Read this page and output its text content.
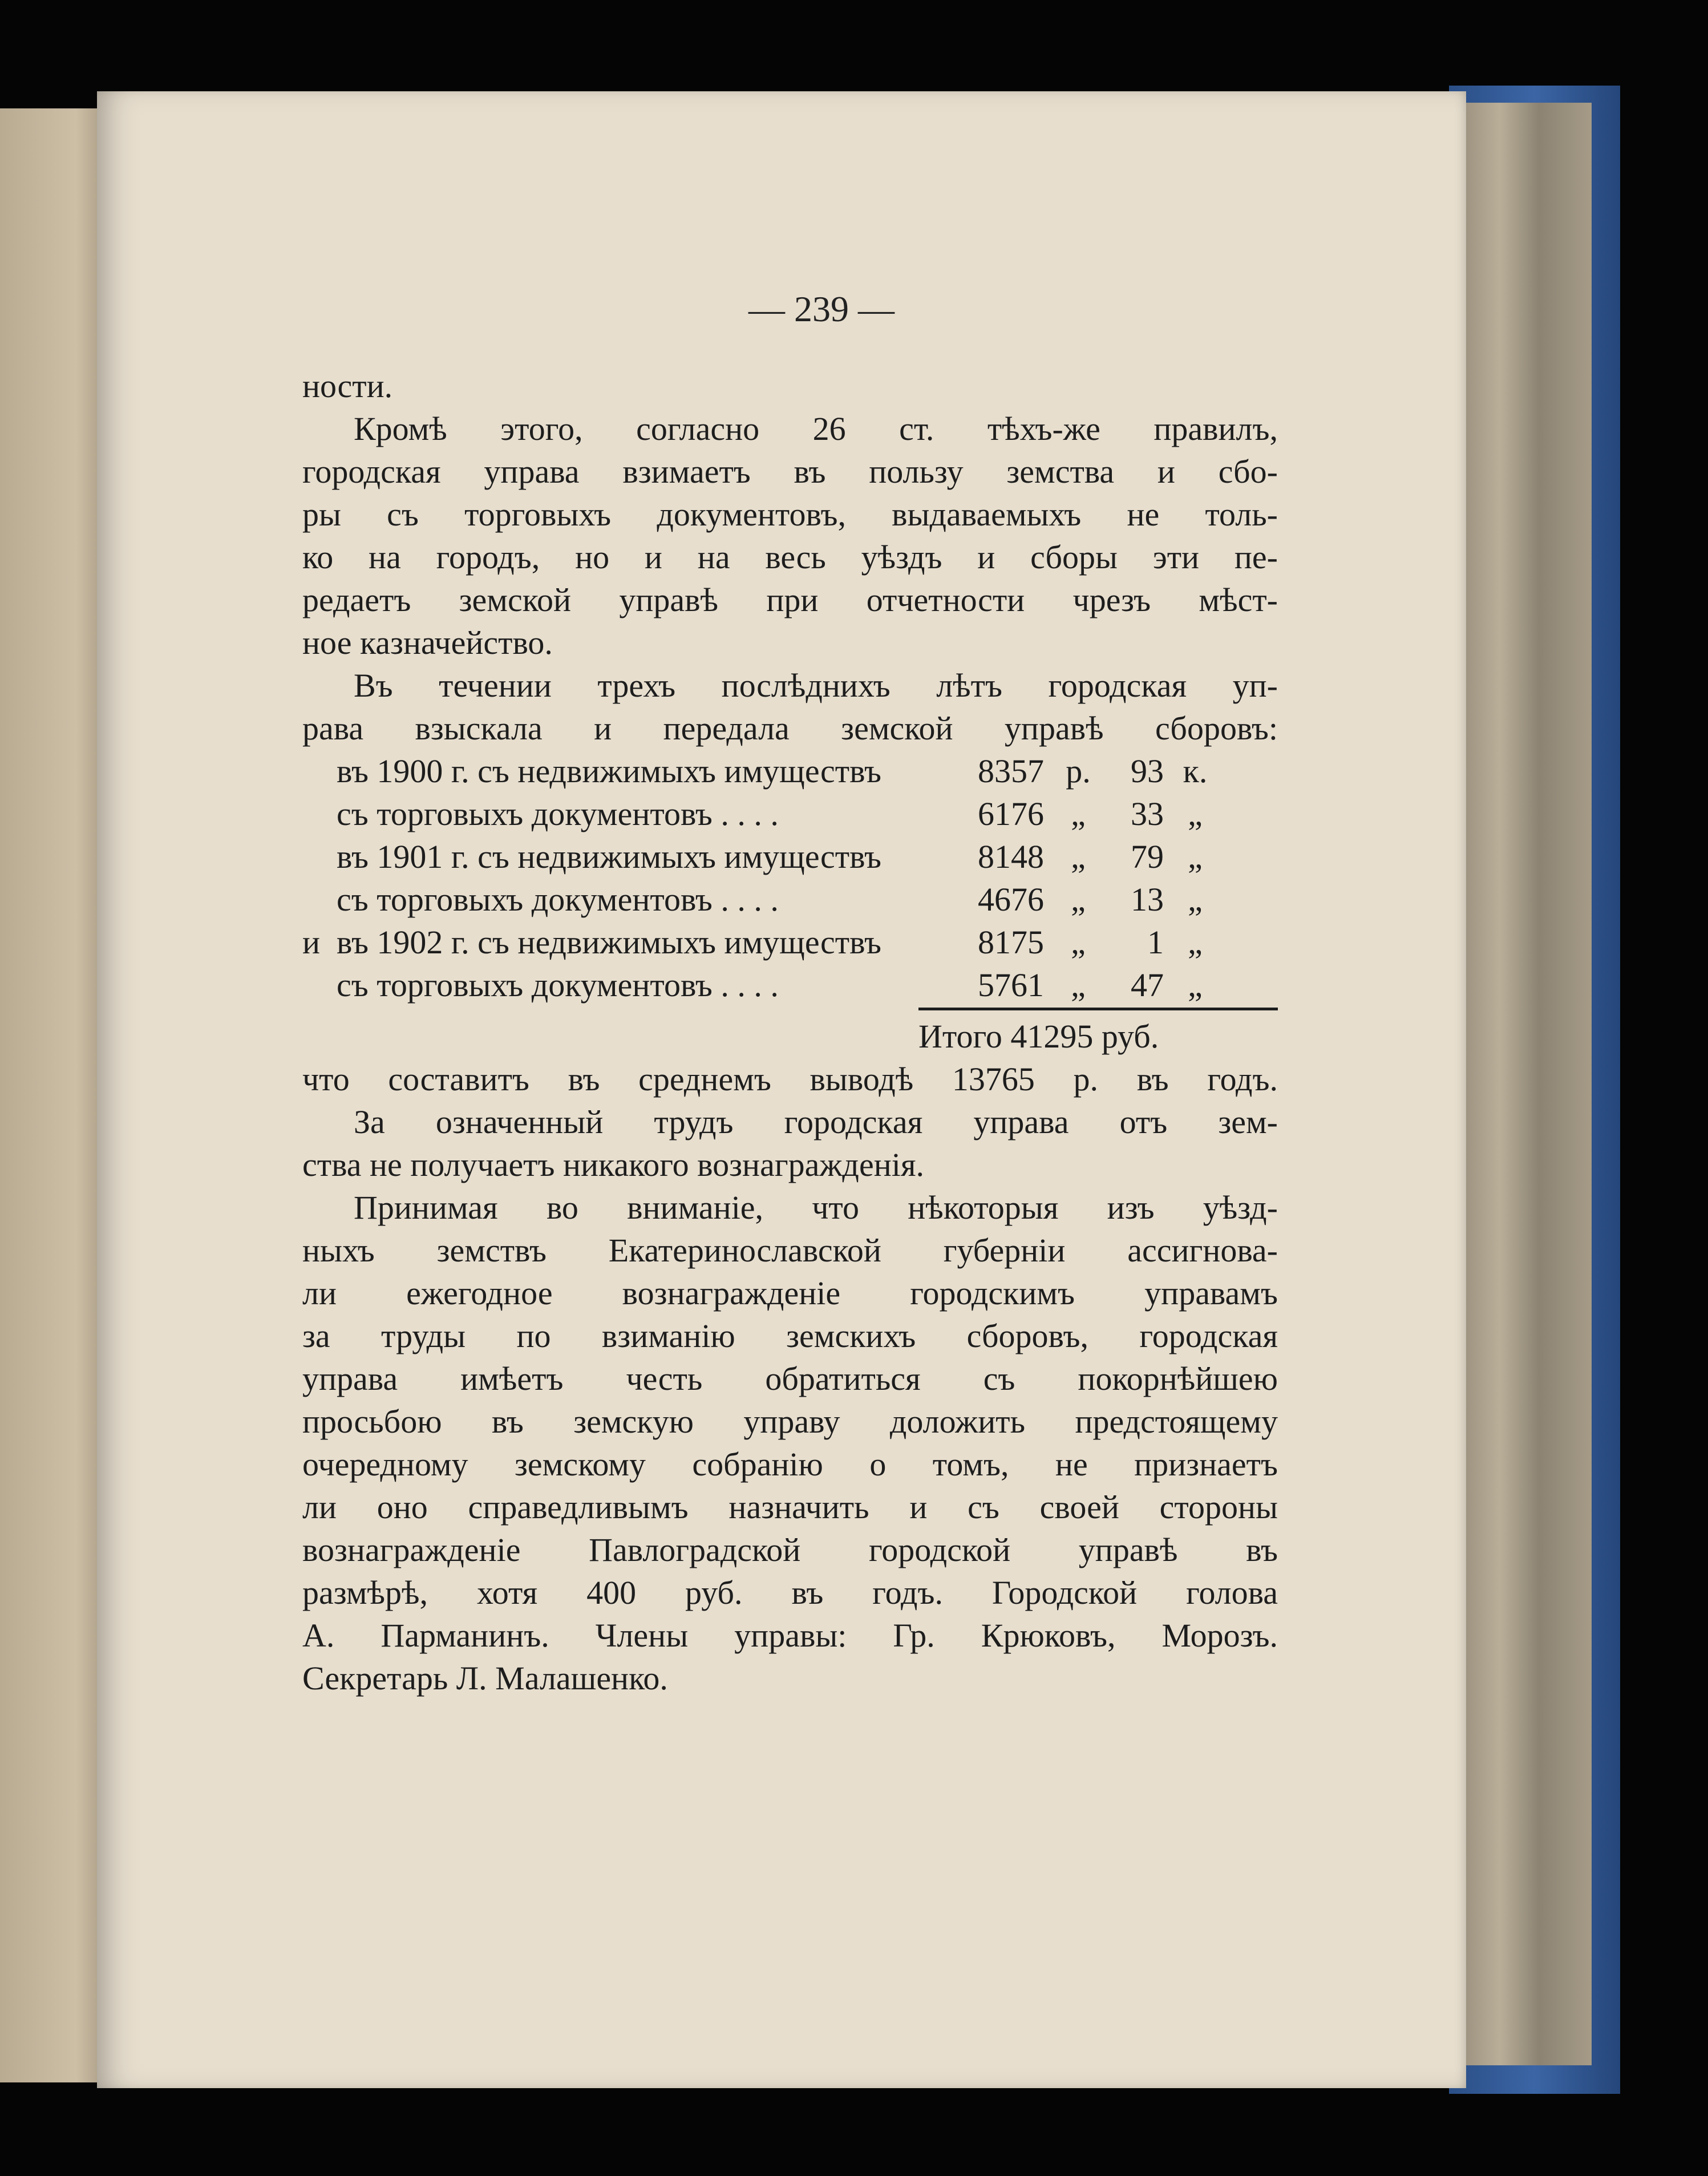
— 239 —
ности.
Кромѣ этого, согласно 26 ст. тѣхъ-же правилъ,
городская управа взимаетъ въ пользу земства и сбо-
ры съ торговыхъ документовъ, выдаваемыхъ не толь-
ко на городъ, но и на весь уѣздъ и сборы эти пе-
редаетъ земской управѣ при отчетности чрезъ мѣст-
ное казначейство.
Въ течении трехъ послѣднихъ лѣтъ городская уп-
рава взыскала и передала земской управѣ сборовъ:
въ 1900 г. съ недвижимыхъ имуществъ	8357 р.	93 к.
съ торговыхъ документовъ . . . .	6176 „	33 „
въ 1901 г. съ недвижимыхъ имуществъ	8148 „	79 „
съ торговыхъ документовъ . . . .	4676 „	13 „
и въ 1902 г. съ недвижимыхъ имуществъ	8175 „	1 „
съ торговыхъ документовъ . . . .	5761 „	47 „
Итого 41295 руб.
что составитъ въ среднемъ выводѣ 13765 р. въ годъ.
За означенный трудъ городская управа отъ зем-
ства не получаетъ никакого вознагражденія.
Принимая во вниманіе, что нѣкоторыя изъ уѣзд-
ныхъ земствъ Екатеринославской губерніи ассигнова-
ли ежегодное вознагражденіе городскимъ управамъ
за труды по взиманію земскихъ сборовъ, городская
управа имѣетъ честь обратиться съ покорнѣйшею
просьбою въ земскую управу доложить предстоящему
очередному земскому собранію о томъ, не признаетъ
ли оно справедливымъ назначить и съ своей стороны
вознагражденіе Павлоградской городской управѣ въ
размѣрѣ, хотя 400 руб. въ годъ. Городской голова
А. Парманинъ. Члены управы: Гр. Крюковъ, Морозъ.
Секретарь Л. Малашенко.
